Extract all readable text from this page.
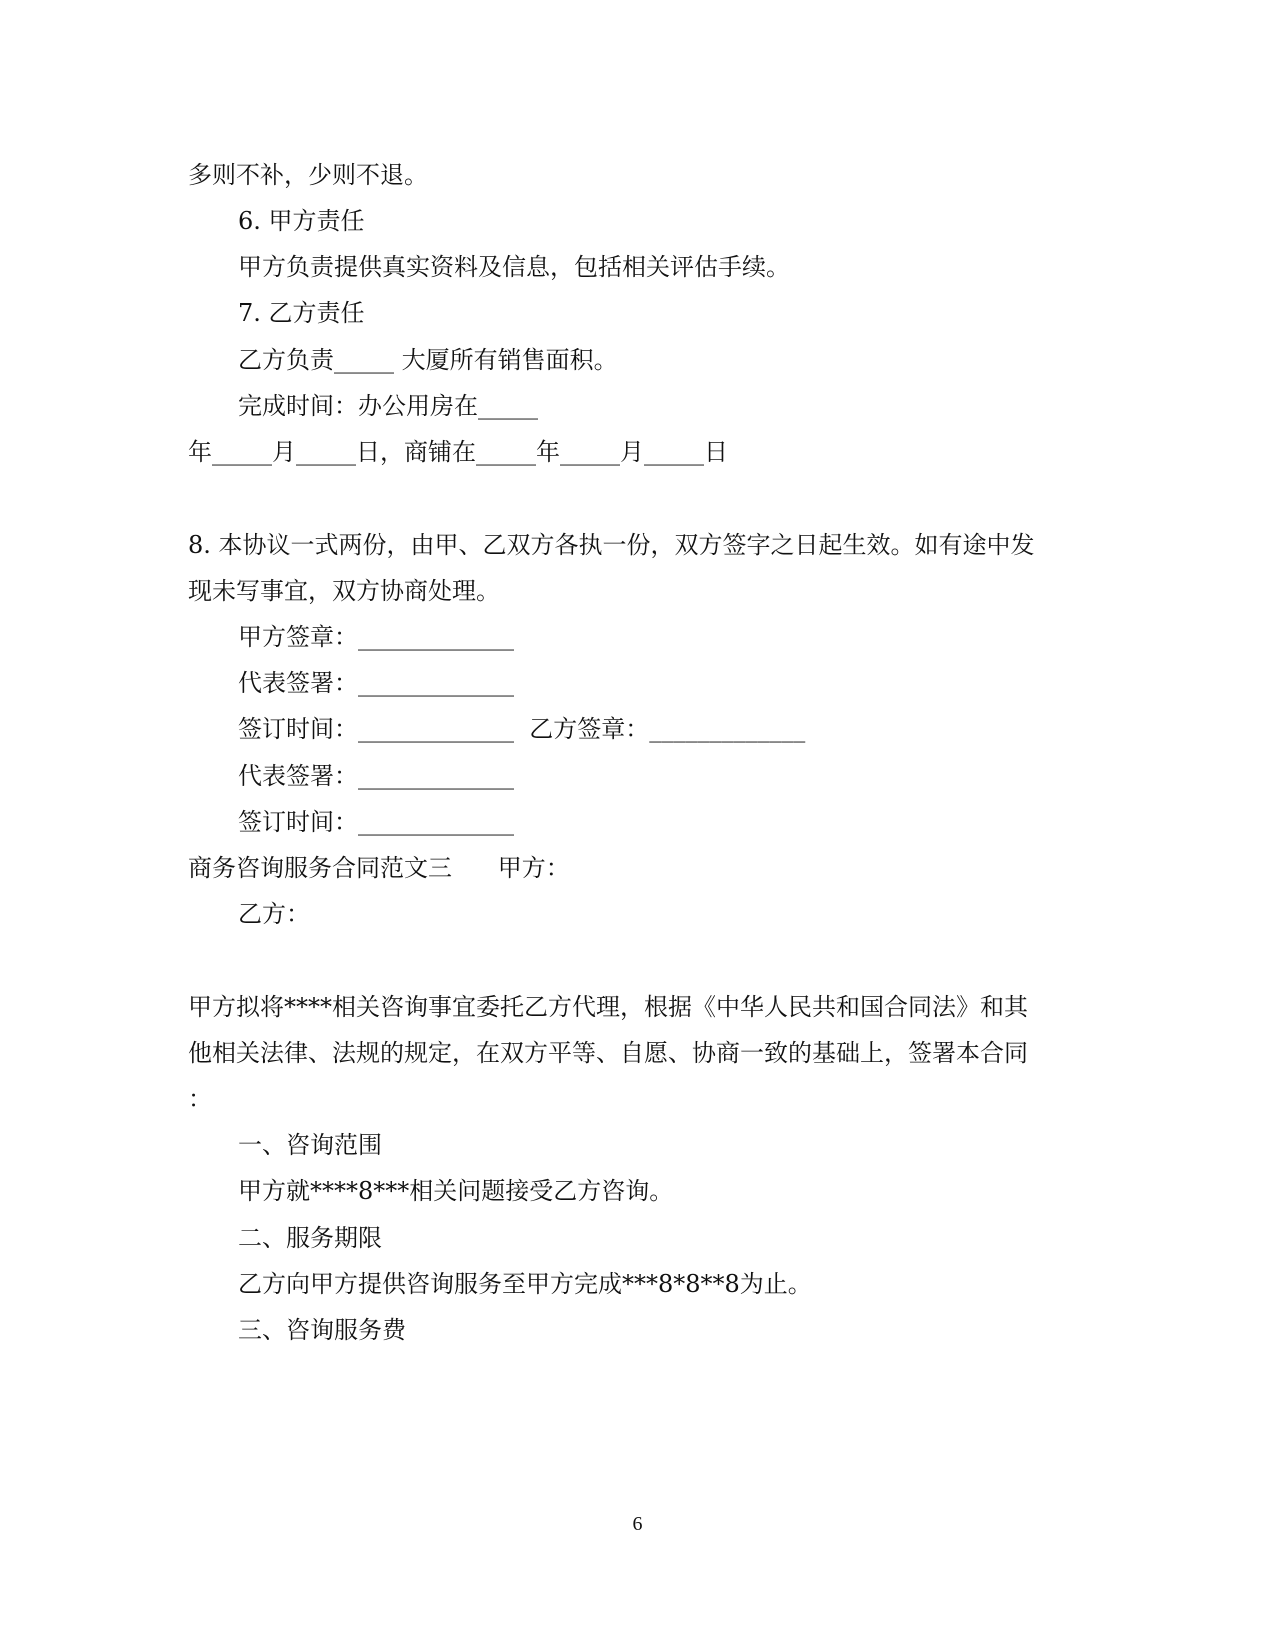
多则不补，少则不退。
6. 甲方责任
甲方负责提供真实资料及信息，包括相关评估手续。
7. 乙方责任
乙方负责_____ 大厦所有销售面积。
完成时间：办公用房在_____
年_____月_____日，商铺在_____年_____月_____日
8. 本协议一式两份，由甲、乙双方各执一份，双方签字之日起生效。如有途中发
现未写事宜，双方协商处理。
甲方签章：_____________
代表签署：_____________
签订时间：_____________  乙方签章：_____________
代表签署：_____________
签订时间：_____________
商务咨询服务合同范文三      甲方：
乙方：
甲方拟将****相关咨询事宜委托乙方代理，根据《中华人民共和国合同法》和其
他相关法律、法规的规定，在双方平等、自愿、协商一致的基础上，签署本合同
：
一、咨询范围
甲方就****8***相关问题接受乙方咨询。
二、服务期限
乙方向甲方提供咨询服务至甲方完成***8*8**8为止。
三、咨询服务费
6
